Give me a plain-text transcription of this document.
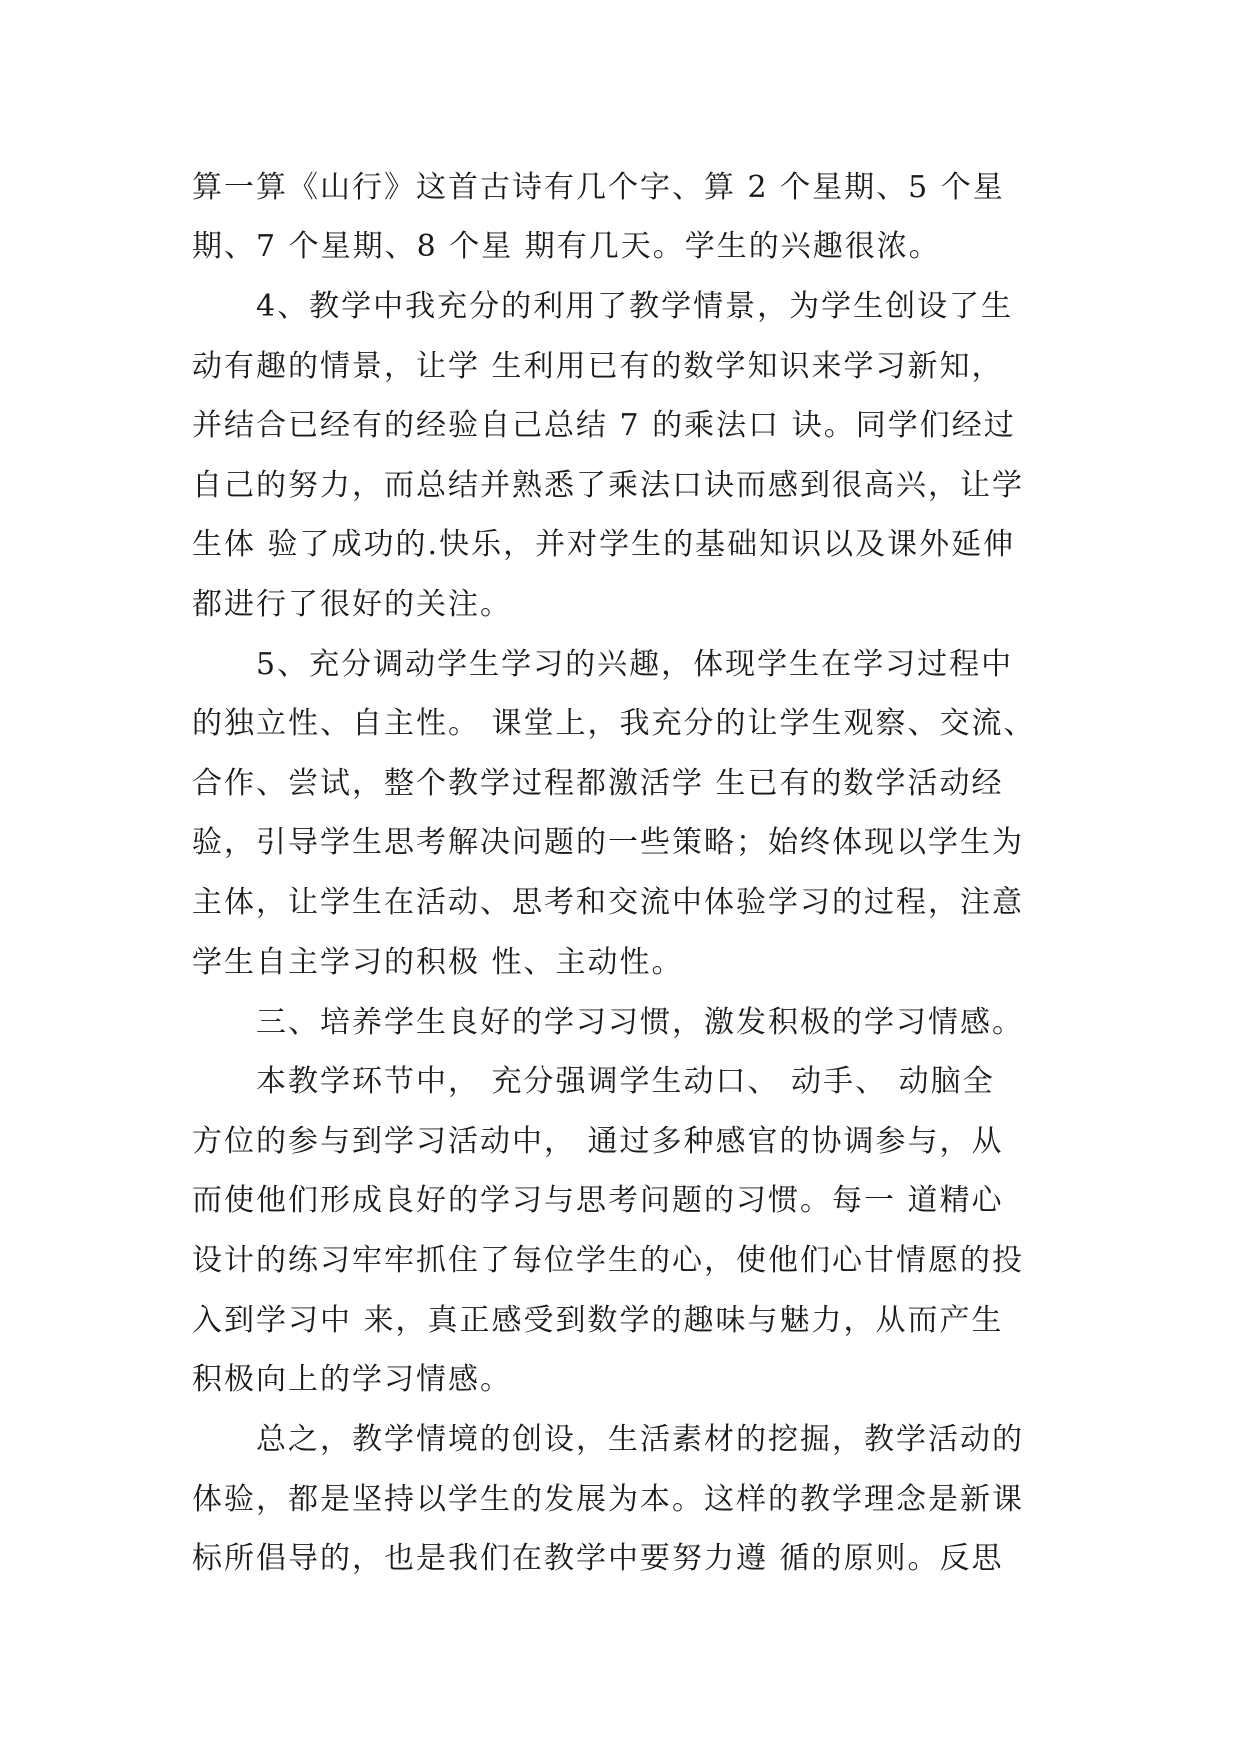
算一算《山行》这首古诗有几个字、算 2 个星期、5 个星
期、7 个星期、8 个星 期有几天。学生的兴趣很浓。
4、教学中我充分的利用了教学情景，为学生创设了生
动有趣的情景，让学 生利用已有的数学知识来学习新知，
并结合已经有的经验自己总结 7 的乘法口 诀。同学们经过
自己的努力，而总结并熟悉了乘法口诀而感到很高兴，让学
生体 验了成功的.快乐，并对学生的基础知识以及课外延伸
都进行了很好的关注。
5、充分调动学生学习的兴趣，体现学生在学习过程中
的独立性、自主性。 课堂上，我充分的让学生观察、交流、
合作、尝试，整个教学过程都激活学 生已有的数学活动经
验，引导学生思考解决问题的一些策略；始终体现以学生为
主体，让学生在活动、思考和交流中体验学习的过程，注意
学生自主学习的积极 性、主动性。
三、培养学生良好的学习习惯，激发积极的学习情感。
本教学环节中， 充分强调学生动口、 动手、 动脑全
方位的参与到学习活动中， 通过多种感官的协调参与，从
而使他们形成良好的学习与思考问题的习惯。每一 道精心
设计的练习牢牢抓住了每位学生的心，使他们心甘情愿的投
入到学习中 来，真正感受到数学的趣味与魅力，从而产生
积极向上的学习情感。
总之，教学情境的创设，生活素材的挖掘，教学活动的
体验，都是坚持以学生的发展为本。这样的教学理念是新课
标所倡导的，也是我们在教学中要努力遵 循的原则。反思
